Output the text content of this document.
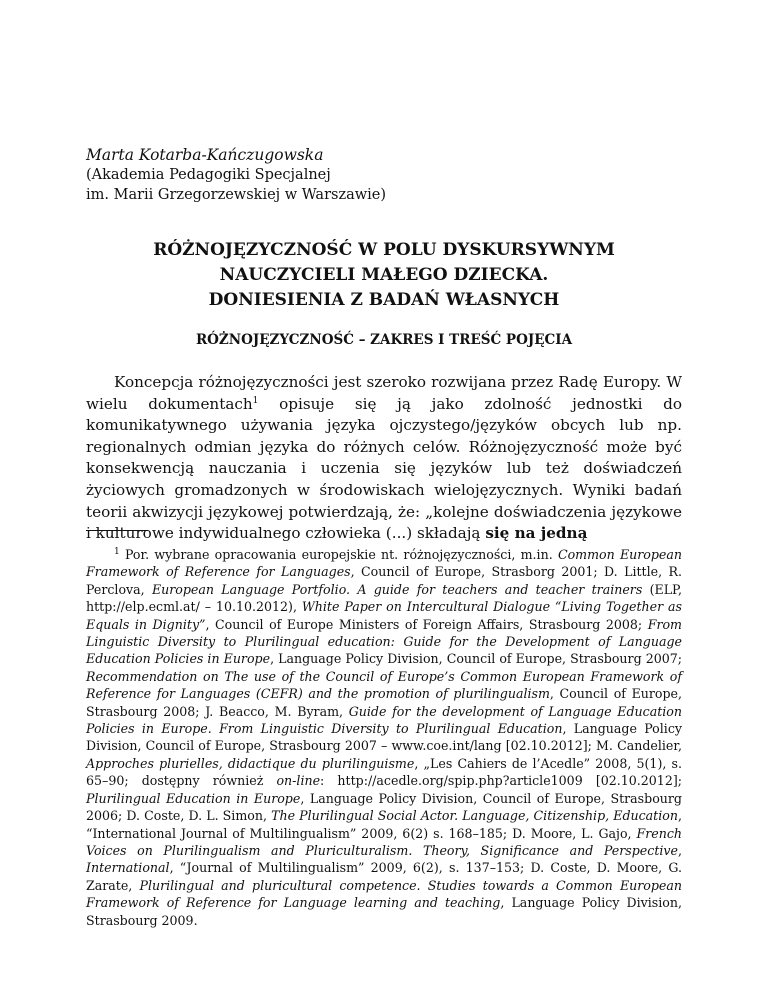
Marta Kotarba-Kańczugowska
(Akademia Pedagogiki Specjalnej
im. Marii Grzegorzewskiej w Warszawie)
RÓŻNOJĘZYCZNOŚĆ W POLU DYSKURSYWNYM
NAUCZYCIELI MAŁEGO DZIECKA.
DONIESIENIA Z BADAŃ WŁASNYCH
RÓŻNOJĘZYCZNOŚĆ – ZAKRES I TREŚĆ POJĘCIA
Koncepcja różnojęzyczności jest szeroko rozwijana przez Radę Europy. W wielu dokumentach$^1$ opisuje się ją jako zdolność jednostki do komunikatywnego używania języka ojczystego/języków obcych lub np. regionalnych odmian języka do różnych celów. Różnojęzyczność może być konsekwencją nauczania i uczenia się języków lub też doświadczeń życiowych gromadzonych w środowiskach wielojęzycznych. Wyniki badań teorii akwizycji językowej potwierdzają, że: „kolejne doświadczenia językowe i kulturowe indywidualnego człowieka (...) składają się na jedną
$^1$ Por. wybrane opracowania europejskie nt. różnojęzyczności, m.in. Common European Framework of Reference for Languages, Council of Europe, Strasborg 2001; D. Little, R. Perclova, European Language Portfolio. A guide for teachers and teacher trainers (ELP, http://elp.ecml.at/ – 10.10.2012), White Paper on Intercultural Dialogue “Living Together as Equals in Dignity”, Council of Europe Ministers of Foreign Affairs, Strasbourg 2008; From Linguistic Diversity to Plurilingual education: Guide for the Development of Language Education Policies in Europe, Language Policy Division, Council of Europe, Strasbourg 2007; Recommendation on The use of the Council of Europe’s Common European Framework of Reference for Languages (CEFR) and the promotion of plurilingualism, Council of Europe, Strasbourg 2008; J. Beacco, M. Byram, Guide for the development of Language Education Policies in Europe. From Linguistic Diversity to Plurilingual Education, Language Policy Division, Council of Europe, Strasbourg 2007 – www.coe.int/lang [02.10.2012]; M. Candelier, Approches plurielles, didactique du plurilinguisme, „Les Cahiers de l’Acedle” 2008, 5(1), s. 65–90; dostępny również on-line: http://acedle.org/spip.php?article1009 [02.10.2012]; Plurilingual Education in Europe, Language Policy Division, Council of Europe, Strasbourg 2006; D. Coste, D. L. Simon, The Plurilingual Social Actor. Language, Citizenship, Education, “International Journal of Multilingualism” 2009, 6(2) s. 168–185; D. Moore, L. Gajo, French Voices on Plurilingualism and Pluriculturalism. Theory, Significance and Perspective, International, “Journal of Multilingualism” 2009, 6(2), s. 137–153; D. Coste, D. Moore, G. Zarate, Plurilingual and pluricultural competence. Studies towards a Common European Framework of Reference for Language learning and teaching, Language Policy Division, Strasbourg 2009.
